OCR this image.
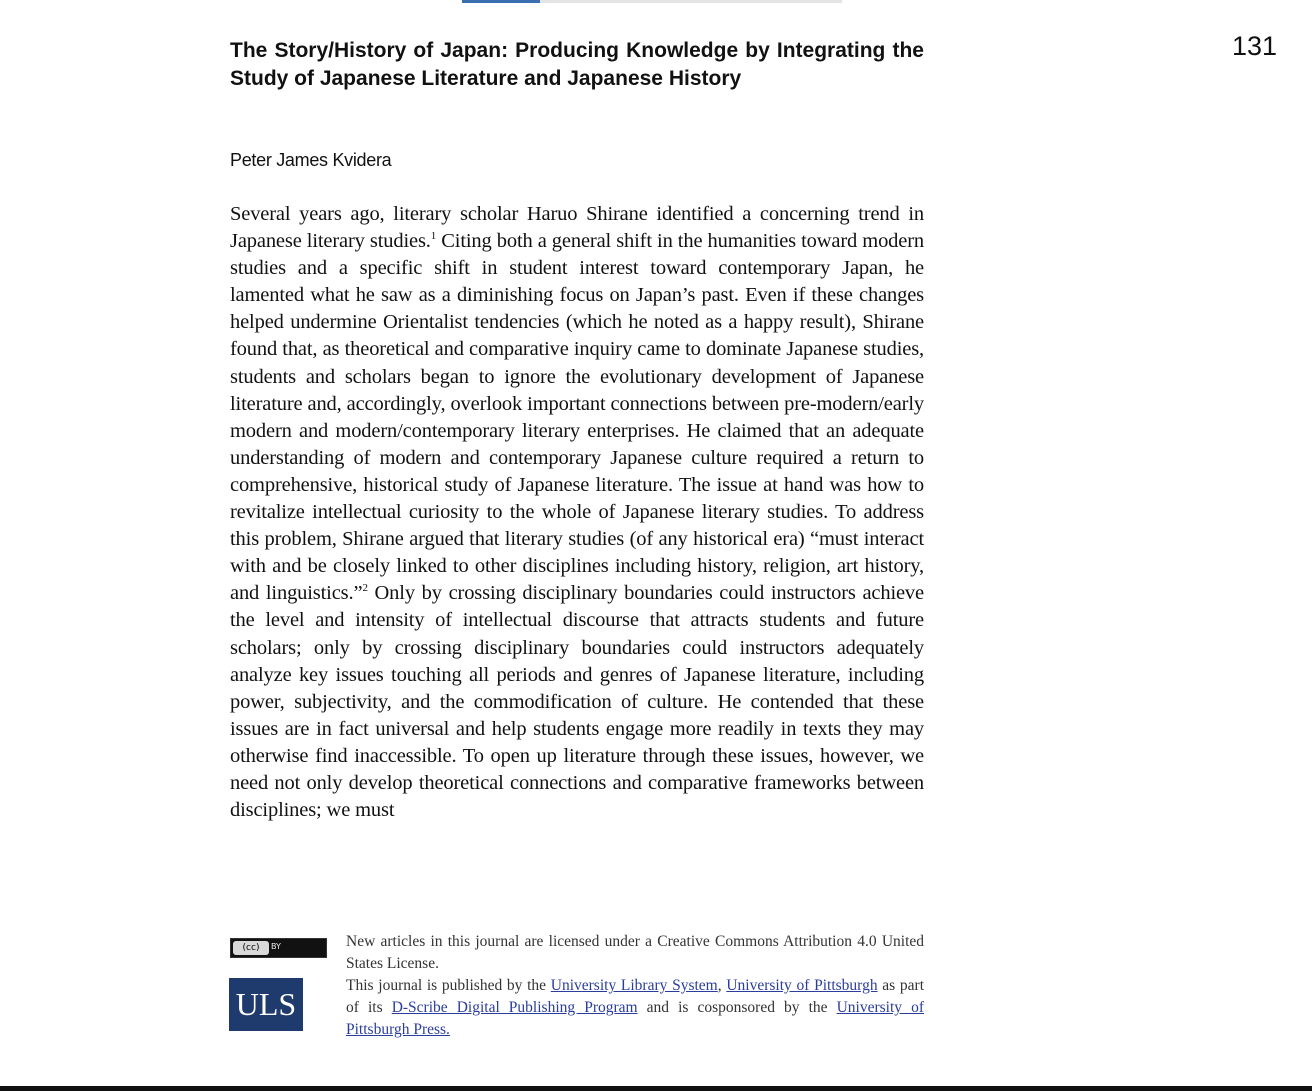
131
The Story/History of Japan: Producing Knowledge by Integrating the Study of Japanese Literature and Japanese History
Peter James Kvidera

Several years ago, literary scholar Haruo Shirane identified a concerning trend in Japanese literary studies.$^1$ Citing both a general shift in the humanities toward modern studies and a specific shift in student interest toward contemporary Japan, he lamented what he saw as a diminishing focus on Japan’s past. Even if these changes helped undermine Orientalist tendencies (which he noted as a happy result), Shirane found that, as theoretical and comparative inquiry came to dominate Japanese studies, students and scholars began to ignore the evolutionary development of Japanese literature and, accordingly, overlook important connections between pre-modern/early modern and modern/contemporary literary enterprises. He claimed that an adequate understanding of modern and contemporary Japanese culture required a return to comprehensive, historical study of Japanese literature. The issue at hand was how to revitalize intellectual curiosity to the whole of Japanese literary studies. To address this problem, Shirane argued that literary studies (of any historical era) “must interact with and be closely linked to other disciplines including history, religion, art history, and linguistics.”$^2$ Only by crossing disciplinary boundaries could instructors achieve the level and intensity of intellectual discourse that attracts students and future scholars; only by crossing disciplinary boundaries could instructors adequately analyze key issues touching all periods and genres of Japanese literature, including power, subjectivity, and the commodification of culture. He contended that these issues are in fact universal and help students engage more readily in texts they may otherwise find inaccessible. To open up literature through these issues, however, we need not only develop theoretical connections and comparative frameworks between disciplines; we must

(cc)	BY
ULS

New articles in this journal are licensed under a Creative Commons Attribution 4.0 United States License.

This journal is published by the University Library System, University of Pittsburgh as part of its D-Scribe Digital Publishing Program and is cosponsored by the University of Pittsburgh Press.
